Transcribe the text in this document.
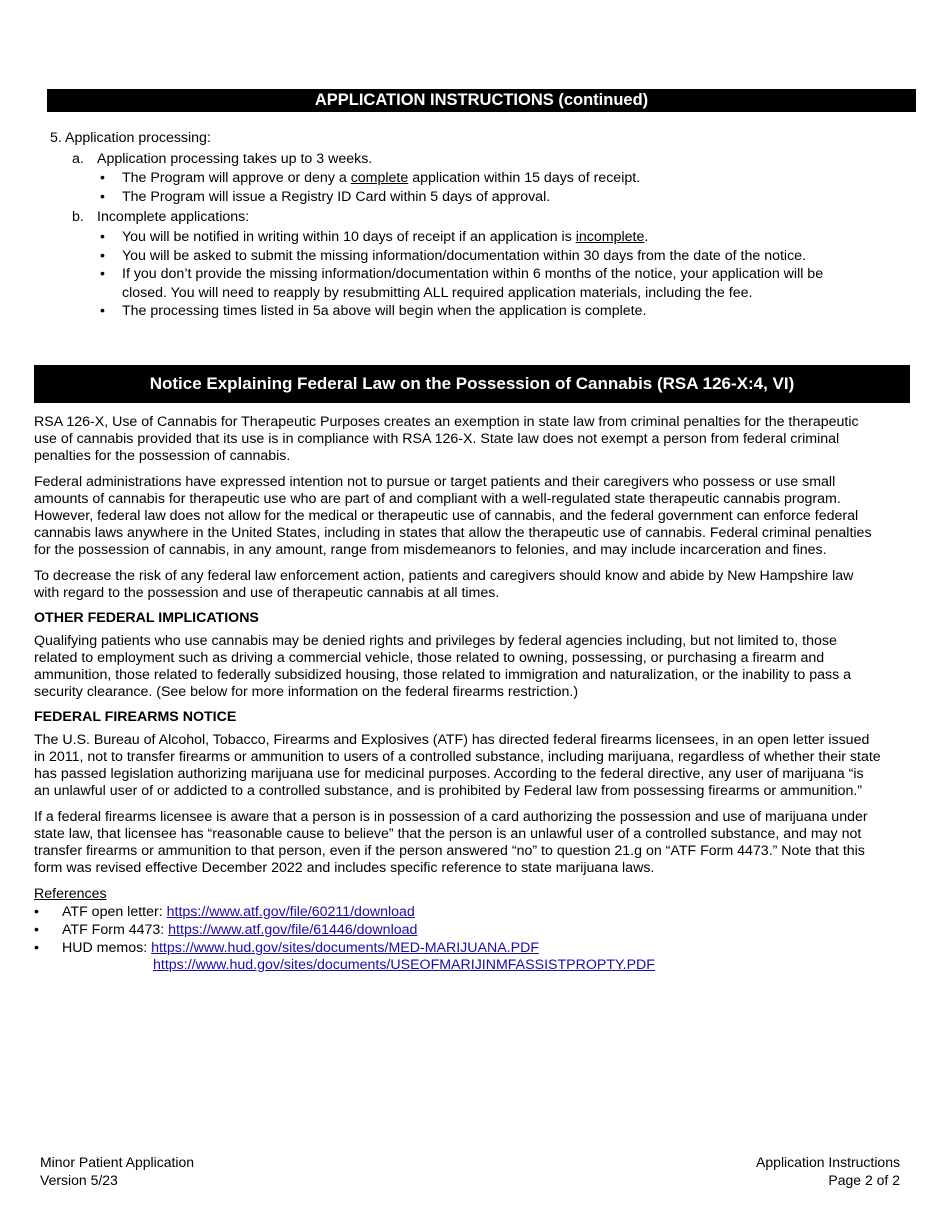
APPLICATION INSTRUCTIONS (continued)
5. Application processing:
a. Application processing takes up to 3 weeks.
• The Program will approve or deny a complete application within 15 days of receipt.
• The Program will issue a Registry ID Card within 5 days of approval.
b. Incomplete applications:
• You will be notified in writing within 10 days of receipt if an application is incomplete.
• You will be asked to submit the missing information/documentation within 30 days from the date of the notice.
• If you don’t provide the missing information/documentation within 6 months of the notice, your application will be
closed. You will need to reapply by resubmitting ALL required application materials, including the fee.
• The processing times listed in 5a above will begin when the application is complete.
Notice Explaining Federal Law on the Possession of Cannabis (RSA 126-X:4, VI)
RSA 126-X, Use of Cannabis for Therapeutic Purposes creates an exemption in state law from criminal penalties for the therapeutic
use of cannabis provided that its use is in compliance with RSA 126-X. State law does not exempt a person from federal criminal
penalties for the possession of cannabis.
Federal administrations have expressed intention not to pursue or target patients and their caregivers who possess or use small
amounts of cannabis for therapeutic use who are part of and compliant with a well-regulated state therapeutic cannabis program.
However, federal law does not allow for the medical or therapeutic use of cannabis, and the federal government can enforce federal
cannabis laws anywhere in the United States, including in states that allow the therapeutic use of cannabis. Federal criminal penalties
for the possession of cannabis, in any amount, range from misdemeanors to felonies, and may include incarceration and fines.
To decrease the risk of any federal law enforcement action, patients and caregivers should know and abide by New Hampshire law
with regard to the possession and use of therapeutic cannabis at all times.
OTHER FEDERAL IMPLICATIONS
Qualifying patients who use cannabis may be denied rights and privileges by federal agencies including, but not limited to, those
related to employment such as driving a commercial vehicle, those related to owning, possessing, or purchasing a firearm and
ammunition, those related to federally subsidized housing, those related to immigration and naturalization, or the inability to pass a
security clearance. (See below for more information on the federal firearms restriction.)
FEDERAL FIREARMS NOTICE
The U.S. Bureau of Alcohol, Tobacco, Firearms and Explosives (ATF) has directed federal firearms licensees, in an open letter issued
in 2011, not to transfer firearms or ammunition to users of a controlled substance, including marijuana, regardless of whether their state
has passed legislation authorizing marijuana use for medicinal purposes. According to the federal directive, any user of marijuana “is
an unlawful user of or addicted to a controlled substance, and is prohibited by Federal law from possessing firearms or ammunition.”
If a federal firearms licensee is aware that a person is in possession of a card authorizing the possession and use of marijuana under
state law, that licensee has “reasonable cause to believe” that the person is an unlawful user of a controlled substance, and may not
transfer firearms or ammunition to that person, even if the person answered “no” to question 21.g on “ATF Form 4473.” Note that this
form was revised effective December 2022 and includes specific reference to state marijuana laws.
References
• ATF open letter: https://www.atf.gov/file/60211/download
• ATF Form 4473: https://www.atf.gov/file/61446/download
• HUD memos: https://www.hud.gov/sites/documents/MED-MARIJUANA.PDF
https://www.hud.gov/sites/documents/USEOFMARIJINMFASSISTPROPTY.PDF
Minor Patient Application
Version 5/23
Application Instructions
Page 2 of 2
